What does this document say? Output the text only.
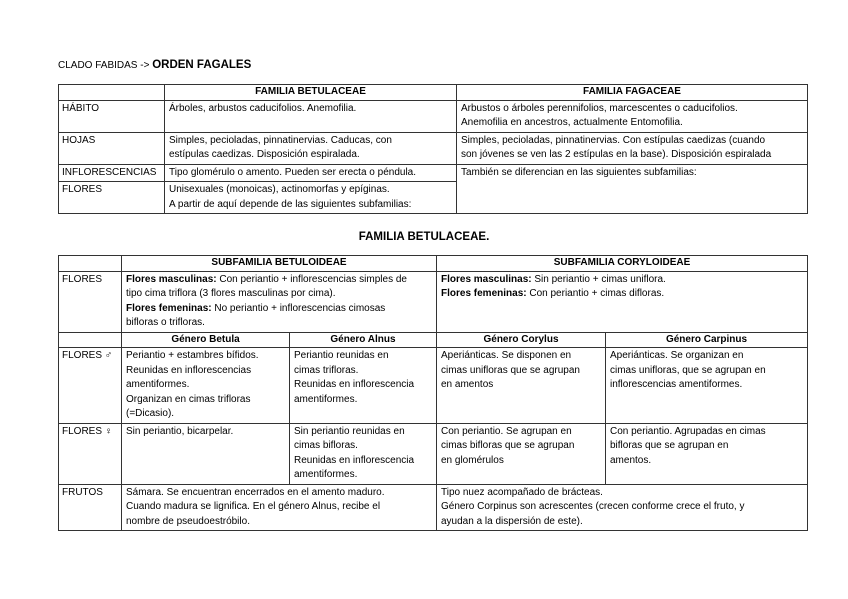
CLADO FABIDAS -> ORDEN FAGALES
	FAMILIA BETULACEAE	FAMILIA FAGACEAE
HÁBITO	Árboles, arbustos caducifolios. Anemofilia.	Arbustos o árboles perennifolios, marcescentes o caducifolios.
Anemofilia en ancestros, actualmente Entomofilia.

HOJAS	Simples, pecioladas, pinnatinervias. Caducas, con
estípulas caedizas. Disposición espiralada.	Simples, pecioladas, pinnatinervias. Con estípulas caedizas (cuando
son jóvenes se ven las 2 estípulas en la base). Disposición espiralada

INFLORESCENCIAS	Tipo glomérulo o amento. Pueden ser erecta o péndula.	También se diferencian en las siguientes subfamilias:

FLORES	Unisexuales (monoicas), actinomorfas y epíginas.
A partir de aquí depende de las siguientes subfamilias:	
FAMILIA BETULACEAE.
	SUBFAMILIA BETULOIDEAE		SUBFAMILIA CORYLOIDEAE	
FLORES	Flores masculinas: Con periantio + inflorescencias simples de
tipo cima triflora (3 flores masculinas por cima).
Flores femeninas: No periantio + inflorescencias cimosas
bifloras o trifloras.		Flores masculinas: Sin periantio + cimas uniflora.
Flores femeninas: Con periantio + cimas difloras.	

	Género Betula	Género Alnus	Género Corylus	Género Carpinus
FLORES ♂	Periantio + estambres bífidos.
Reunidas en inflorescencias
amentiformes.
Organizan en cimas trifloras
(=Dicasio).	Periantio reunidas en
cimas trifloras.
Reunidas en inflorescencia
amentiformes.	Aperiánticas. Se disponen en
cimas unifloras que se agrupan
en amentos	Aperiánticas. Se organizan en
cimas unifloras, que se agrupan en
inflorescencias amentiformes.

FLORES ♀	Sin periantio, bicarpelar.	Sin periantio reunidas en
cimas bifloras.
Reunidas en inflorescencia
amentiformes.	Con periantio. Se agrupan en
cimas bifloras que se agrupan
en glomérulos	Con periantio. Agrupadas en cimas
bifloras que se agrupan en
amentos.

FRUTOS	Sámara. Se encuentran encerrados en el amento maduro.
Cuando madura se lignifica. En el género Alnus, recibe el
nombre de pseudoestróbilo.		Tipo nuez acompañado de brácteas.
Género Corpinus son acrescentes (crecen conforme crece el fruto, y
ayudan a la dispersión de este).	
